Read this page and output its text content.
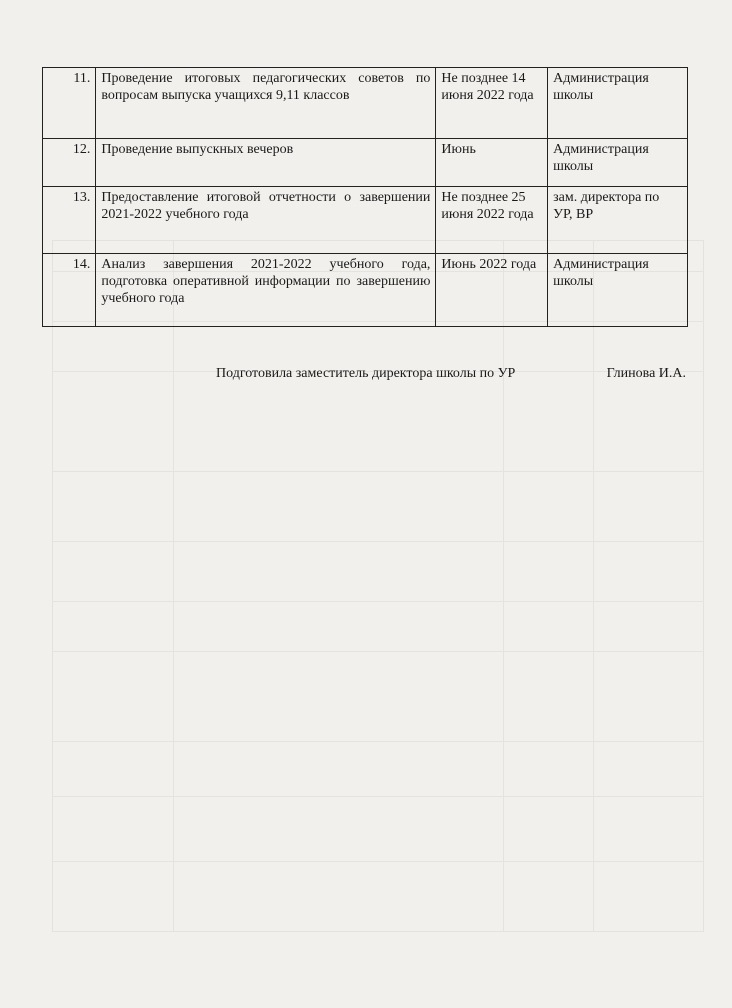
11.	Проведение итоговых педагогических советов по вопросам выпуска учащихся 9,11 классов	Не позднее 14 июня 2022 года	Администрация школы
12.	Проведение выпускных вечеров	Июнь	Администрация школы
13.	Предоставление итоговой отчетности о завершении 2021-2022 учебного года	Не позднее 25 июня 2022 года	зам. директора по УР, ВР
14.	Анализ завершения 2021-2022 учебного года, подготовка оперативной информации по завершению учебного года	Июнь 2022 года	Администрация школы
Подготовила заместитель директора школы по УР	Глинова И.А.
